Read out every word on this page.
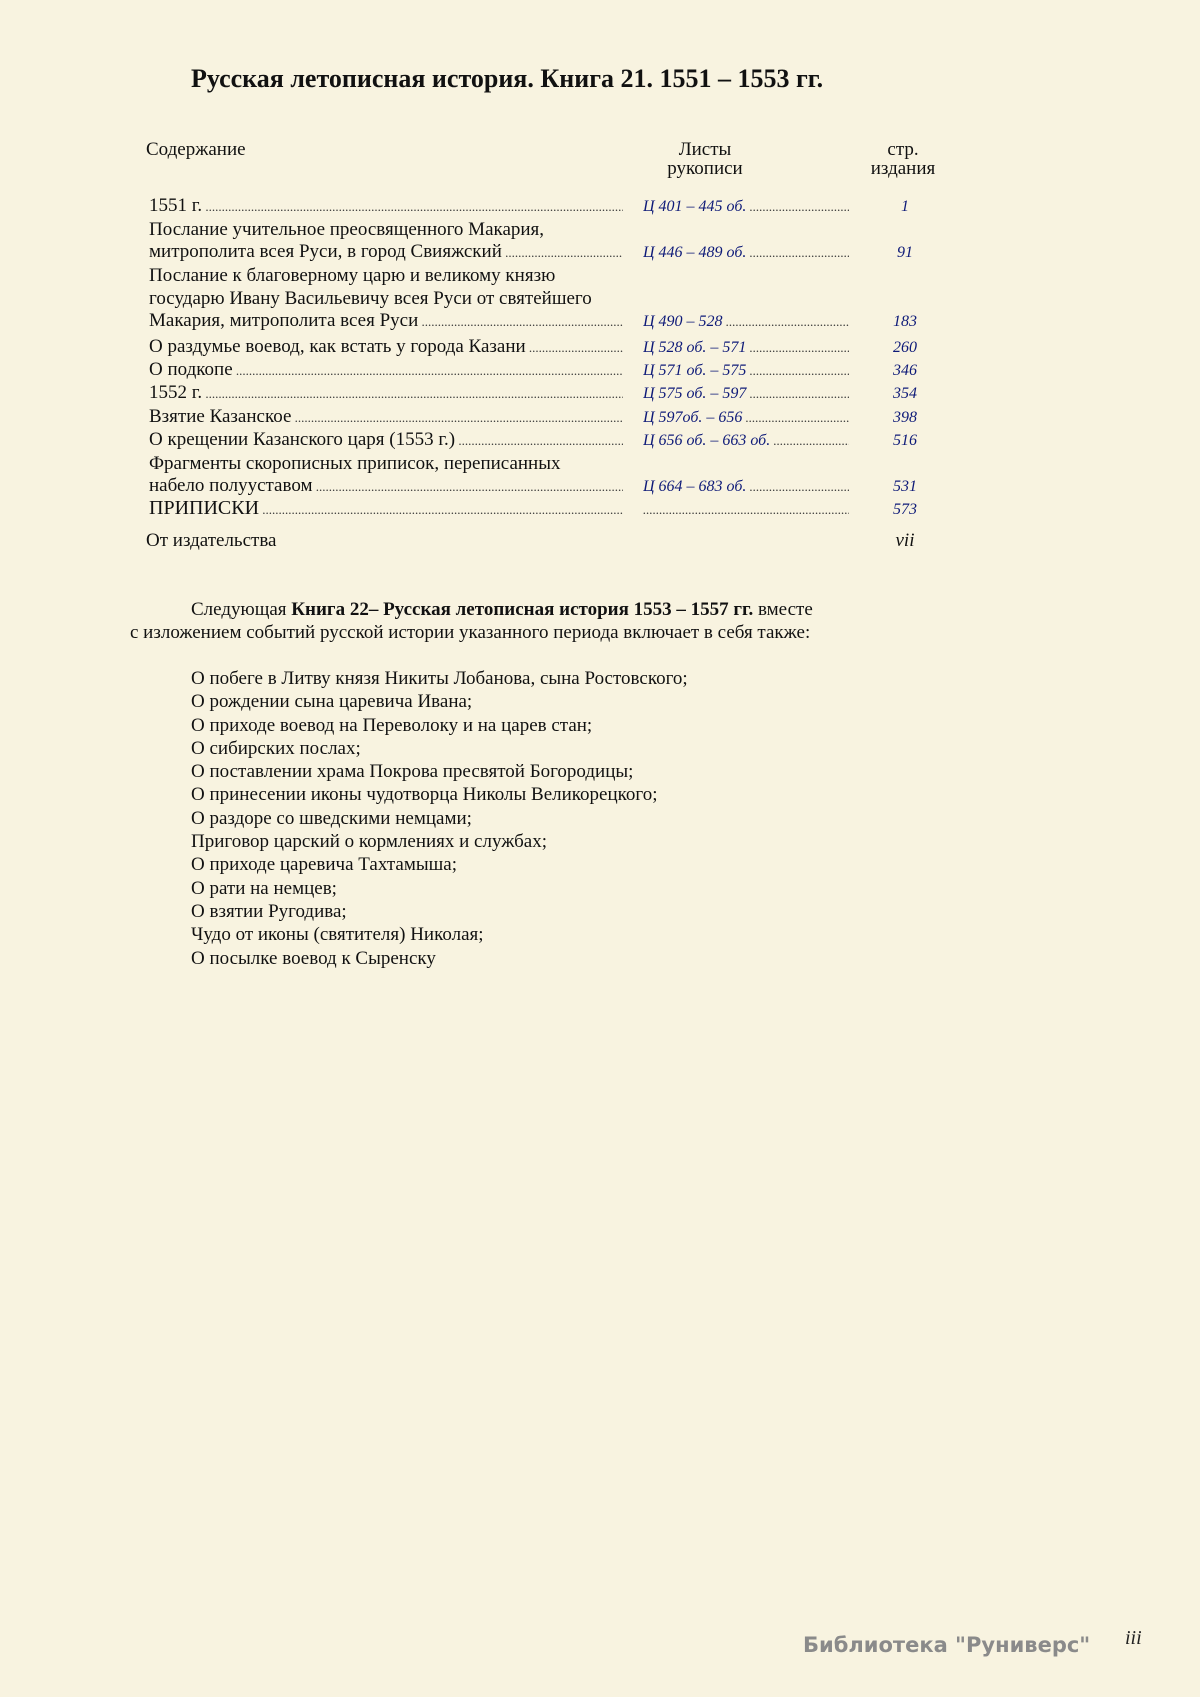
Русская летописная история. Книга 21. 1551 – 1553 гг.
Содержание	Листы
рукописи
стр.
издания
1551 г. .....	Ц 401 – 445 об. .....	1
Послание учительное преосвященного Макария,
митрополита всея Руси, в город Свияжский .....	Ц 446 – 489 об. .....	91
Послание к благоверному царю и великому князю
государю Ивану Васильевичу всея Руси от святейшего
Макария, митрополита всея Руси .....	Ц 490 – 528 .....	183
О раздумье воевод, как встать у города Казани .....	Ц 528 об. – 571 .....	260
О подкопе .....	Ц 571 об. – 575 .....	346
1552 г. .....	Ц 575 об. – 597 .....	354
Взятие Казанское .....	Ц 597об. – 656 .....	398
О крещении Казанского царя (1553 г.) .....	Ц 656 об. – 663 об. .....	516
Фрагменты скорописных приписок, переписанных
набело полууставом .....	Ц 664 – 683 об. .....	531
ПРИПИСКИ ..... .....	573
От издательства	vii
Следующая Книга 22– Русская летописная история 1553 – 1557 гг. вместе
с изложением событий русской истории указанного периода включает в себя также:
О побеге в Литву князя Никиты Лобанова, сына Ростовского;
О рождении сына царевича Ивана;
О приходе воевод на Переволоку и на царев стан;
О сибирских послах;
О поставлении храма Покрова пресвятой Богородицы;
О принесении иконы чудотворца Николы Великорецкого;
О раздоре со шведскими немцами;
Приговор царский о кормлениях и службах;
О приходе царевича Тахтамыша;
О рати на немцев;
О взятии Ругодива;
Чудо от иконы (святителя) Николая;
О посылке воевод к Сыренску
Библиотека "Руниверс" iii
